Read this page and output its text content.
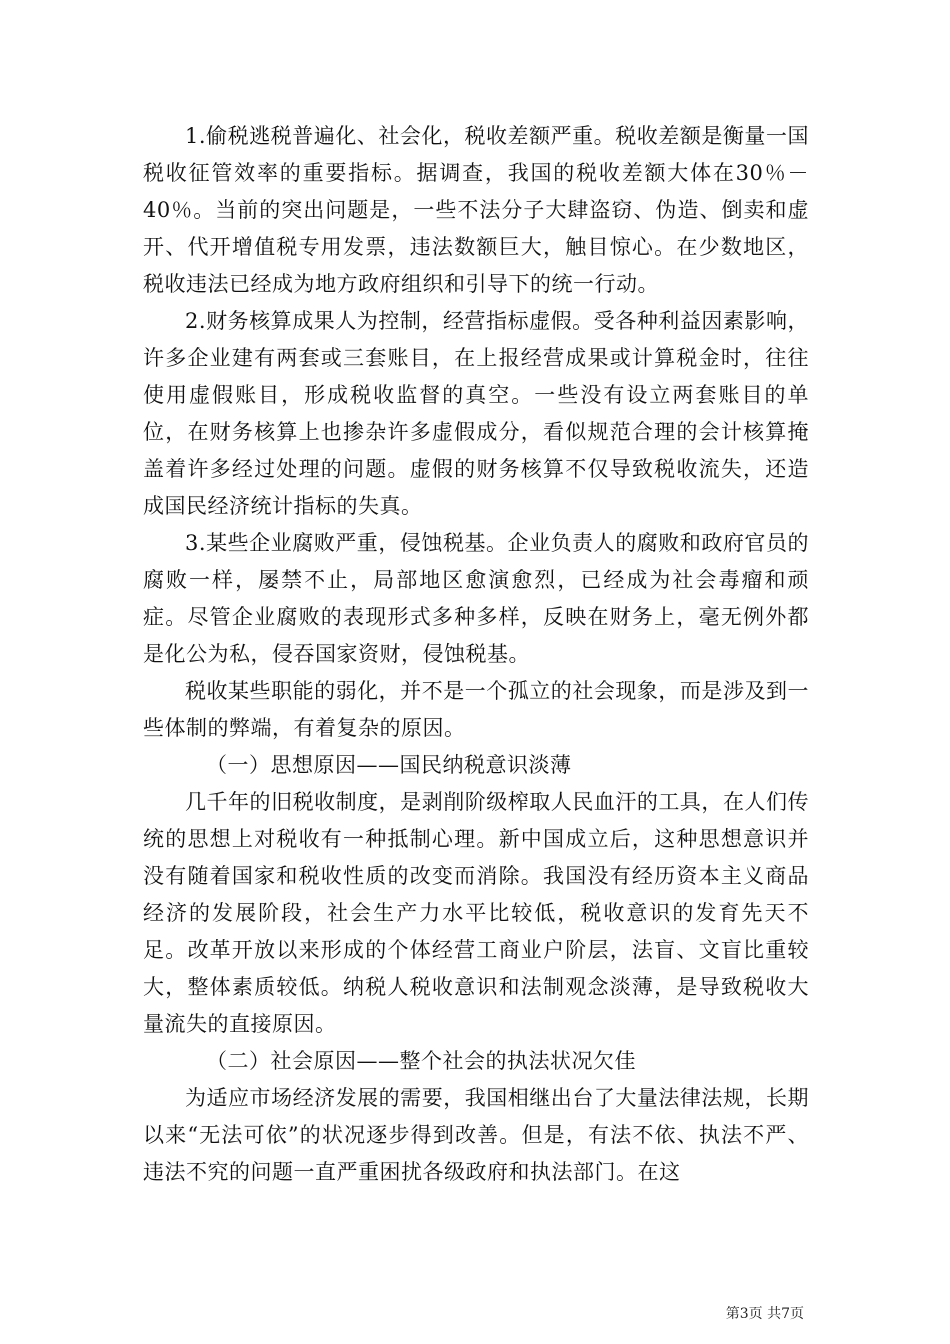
1.偷税逃税普遍化、社会化，税收差额严重。税收差额是衡量一国税收征管效率的重要指标。据调查，我国的税收差额大体在30％－40％。当前的突出问题是，一些不法分子大肆盗窃、伪造、倒卖和虚开、代开增值税专用发票，违法数额巨大，触目惊心。在少数地区，税收违法已经成为地方政府组织和引导下的统一行动。

2.财务核算成果人为控制，经营指标虚假。受各种利益因素影响，许多企业建有两套或三套账目，在上报经营成果或计算税金时，往往使用虚假账目，形成税收监督的真空。一些没有设立两套账目的单位，在财务核算上也掺杂许多虚假成分，看似规范合理的会计核算掩盖着许多经过处理的问题。虚假的财务核算不仅导致税收流失，还造成国民经济统计指标的失真。

3.某些企业腐败严重，侵蚀税基。企业负责人的腐败和政府官员的腐败一样，屡禁不止，局部地区愈演愈烈，已经成为社会毒瘤和顽症。尽管企业腐败的表现形式多种多样，反映在财务上，毫无例外都是化公为私，侵吞国家资财，侵蚀税基。

税收某些职能的弱化，并不是一个孤立的社会现象，而是涉及到一些体制的弊端，有着复杂的原因。

（一）思想原因——国民纳税意识淡薄

几千年的旧税收制度，是剥削阶级榨取人民血汗的工具，在人们传统的思想上对税收有一种抵制心理。新中国成立后，这种思想意识并没有随着国家和税收性质的改变而消除。我国没有经历资本主义商品经济的发展阶段，社会生产力水平比较低，税收意识的发育先天不足。改革开放以来形成的个体经营工商业户阶层，法盲、文盲比重较大，整体素质较低。纳税人税收意识和法制观念淡薄，是导致税收大量流失的直接原因。

（二）社会原因——整个社会的执法状况欠佳

为适应市场经济发展的需要，我国相继出台了大量法律法规，长期以来“无法可依”的状况逐步得到改善。但是，有法不依、执法不严、违法不究的问题一直严重困扰各级政府和执法部门。在这

第3页 共7页
